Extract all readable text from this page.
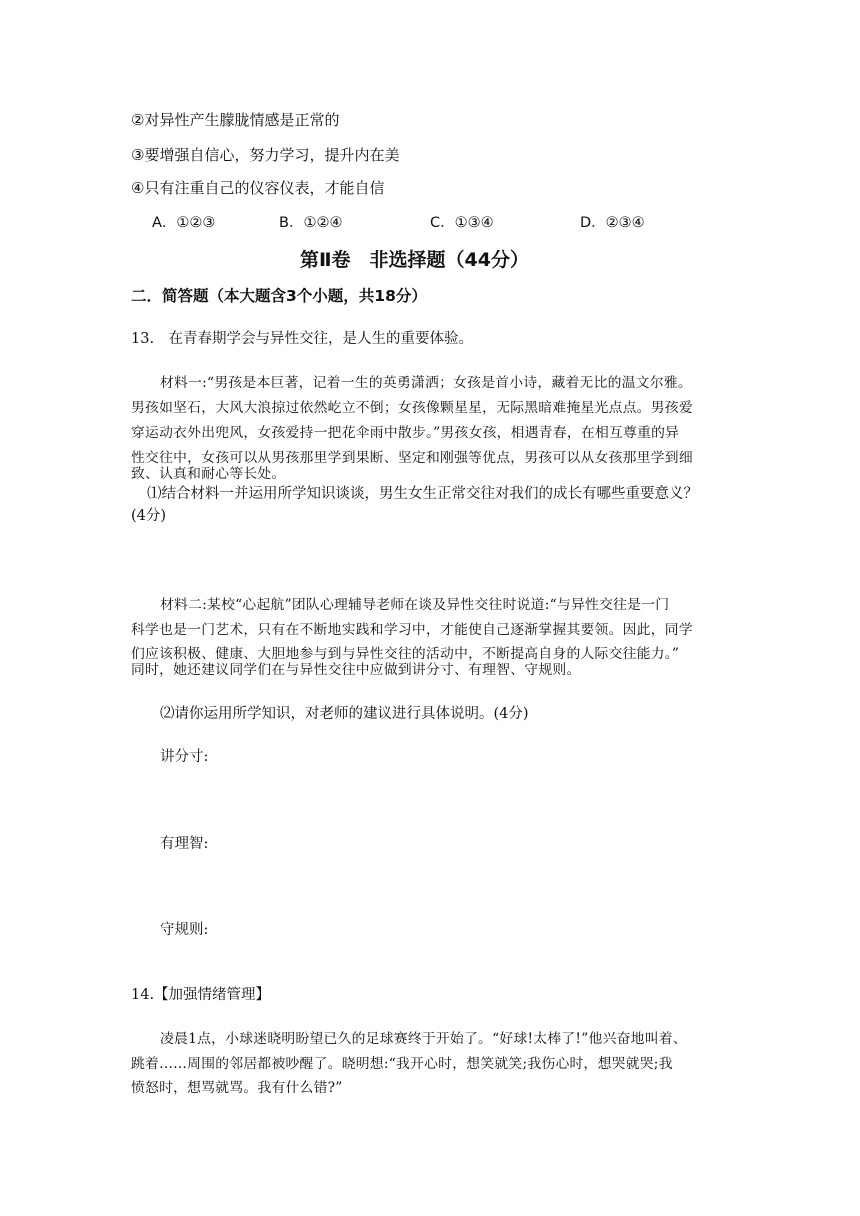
②对异性产生朦胧情感是正常的
③要增强自信心，努力学习，提升内在美
④只有注重自己的仪容仪表，才能自信
A．①②③	B．①②④	C．①③④	D．②③④
第Ⅱ卷　非选择题（44分）
二．简答题（本大题含3个小题，共18分）
13.　在青春期学会与异性交往，是人生的重要体验。
材料一:“男孩是本巨著，记着一生的英勇潇洒；女孩是首小诗，藏着无比的温文尔雅。
男孩如坚石，大风大浪掠过依然屹立不倒；女孩像颗星星，无际黑暗难掩星光点点。男孩爱
穿运动衣外出兜风，女孩爱持一把花伞雨中散步。”男孩女孩，相遇青春，在相互尊重的异
性交往中，女孩可以从男孩那里学到果断、坚定和刚强等优点，男孩可以从女孩那里学到细
致、认真和耐心等长处。
⑴结合材料一并运用所学知识谈谈，男生女生正常交往对我们的成长有哪些重要意义？
(4分)
材料二:某校“心起航”团队心理辅导老师在谈及异性交往时说道:“与异性交往是一门
科学也是一门艺术，只有在不断地实践和学习中，才能使自己逐渐掌握其要领。因此，同学
们应该积极、健康、大胆地参与到与异性交往的活动中，不断提高自身的人际交往能力。”
同时，她还建议同学们在与异性交往中应做到讲分寸、有理智、守规则。
⑵请你运用所学知识，对老师的建议进行具体说明。(4分)
讲分寸:
有理智:
守规则:
14.【加强情绪管理】
凌晨1点，小球迷晓明盼望已久的足球赛终于开始了。“好球!太棒了!”他兴奋地叫着、
跳着……周围的邻居都被吵醒了。晓明想:“我开心时，想笑就笑;我伤心时，想哭就哭;我
愤怒时，想骂就骂。我有什么错?”
